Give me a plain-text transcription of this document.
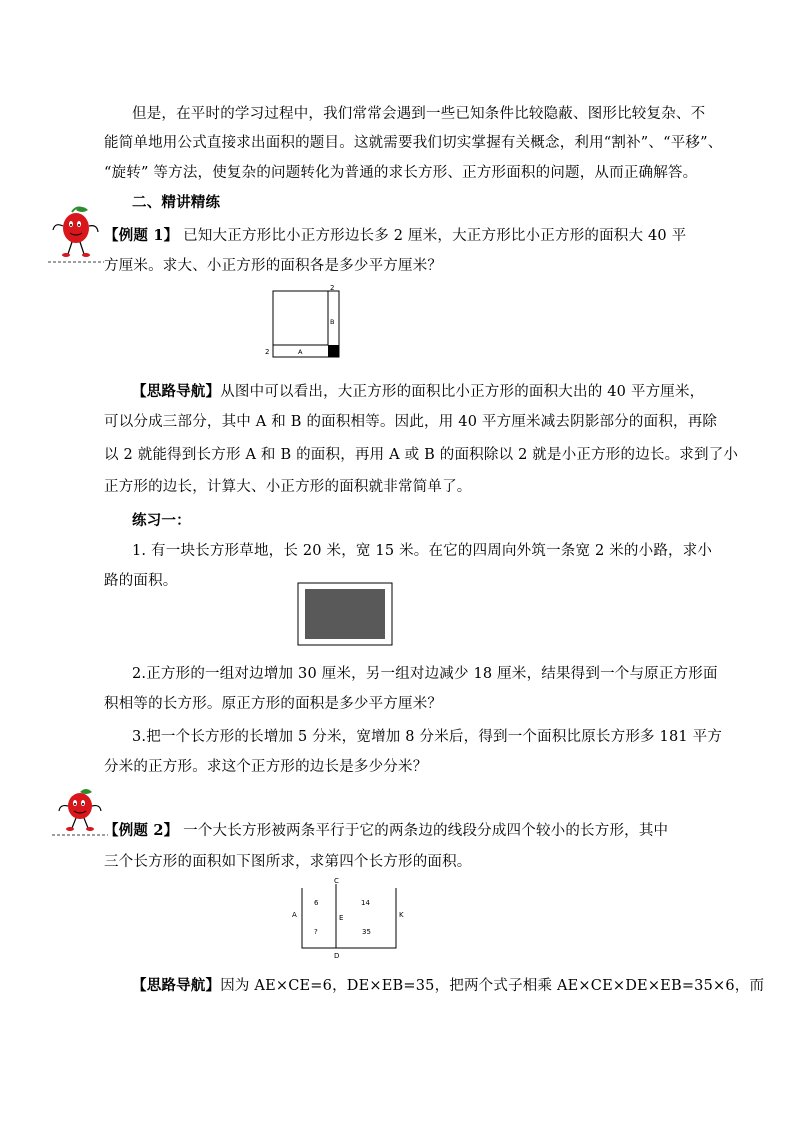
但是，在平时的学习过程中，我们常常会遇到一些已知条件比较隐蔽、图形比较复杂、不
能简单地用公式直接求出面积的题目。这就需要我们切实掌握有关概念，利用“割补”、“平移”、
“旋转” 等方法，使复杂的问题转化为普通的求长方形、正方形面积的问题，从而正确解答。
二、精讲精练
【例题 1】 已知大正方形比小正方形边长多 2 厘米，大正方形比小正方形的面积大 40 平
方厘米。求大、小正方形的面积各是多少平方厘米？
2
2	A
B
【思路导航】从图中可以看出，大正方形的面积比小正方形的面积大出的 40 平方厘米，
可以分成三部分，其中 A 和 B 的面积相等。因此，用 40 平方厘米减去阴影部分的面积，再除
以 2 就能得到长方形 A 和 B 的面积，再用 A 或 B 的面积除以 2 就是小正方形的边长。求到了小
正方形的边长，计算大、小正方形的面积就非常简单了。
练习一：
1. 有一块长方形草地，长 20 米，宽 15 米。在它的四周向外筑一条宽 2 米的小路，求小
路的面积。
2.正方形的一组对边增加 30 厘米，另一组对边减少 18 厘米，结果得到一个与原正方形面
积相等的长方形。原正方形的面积是多少平方厘米？
3.把一个长方形的长增加 5 分米，宽增加 8 分米后，得到一个面积比原长方形多 181 平方
分米的正方形。求这个正方形的边长是多少分米？
【例题 2】 一个大长方形被两条平行于它的两条边的线段分成四个较小的长方形，其中
三个长方形的面积如下图所求，求第四个长方形的面积。
C
A	E	K
D
6	14
?	35
【思路导航】因为 AE×CE=6，DE×EB=35，把两个式子相乘 AE×CE×DE×EB=35×6，而
